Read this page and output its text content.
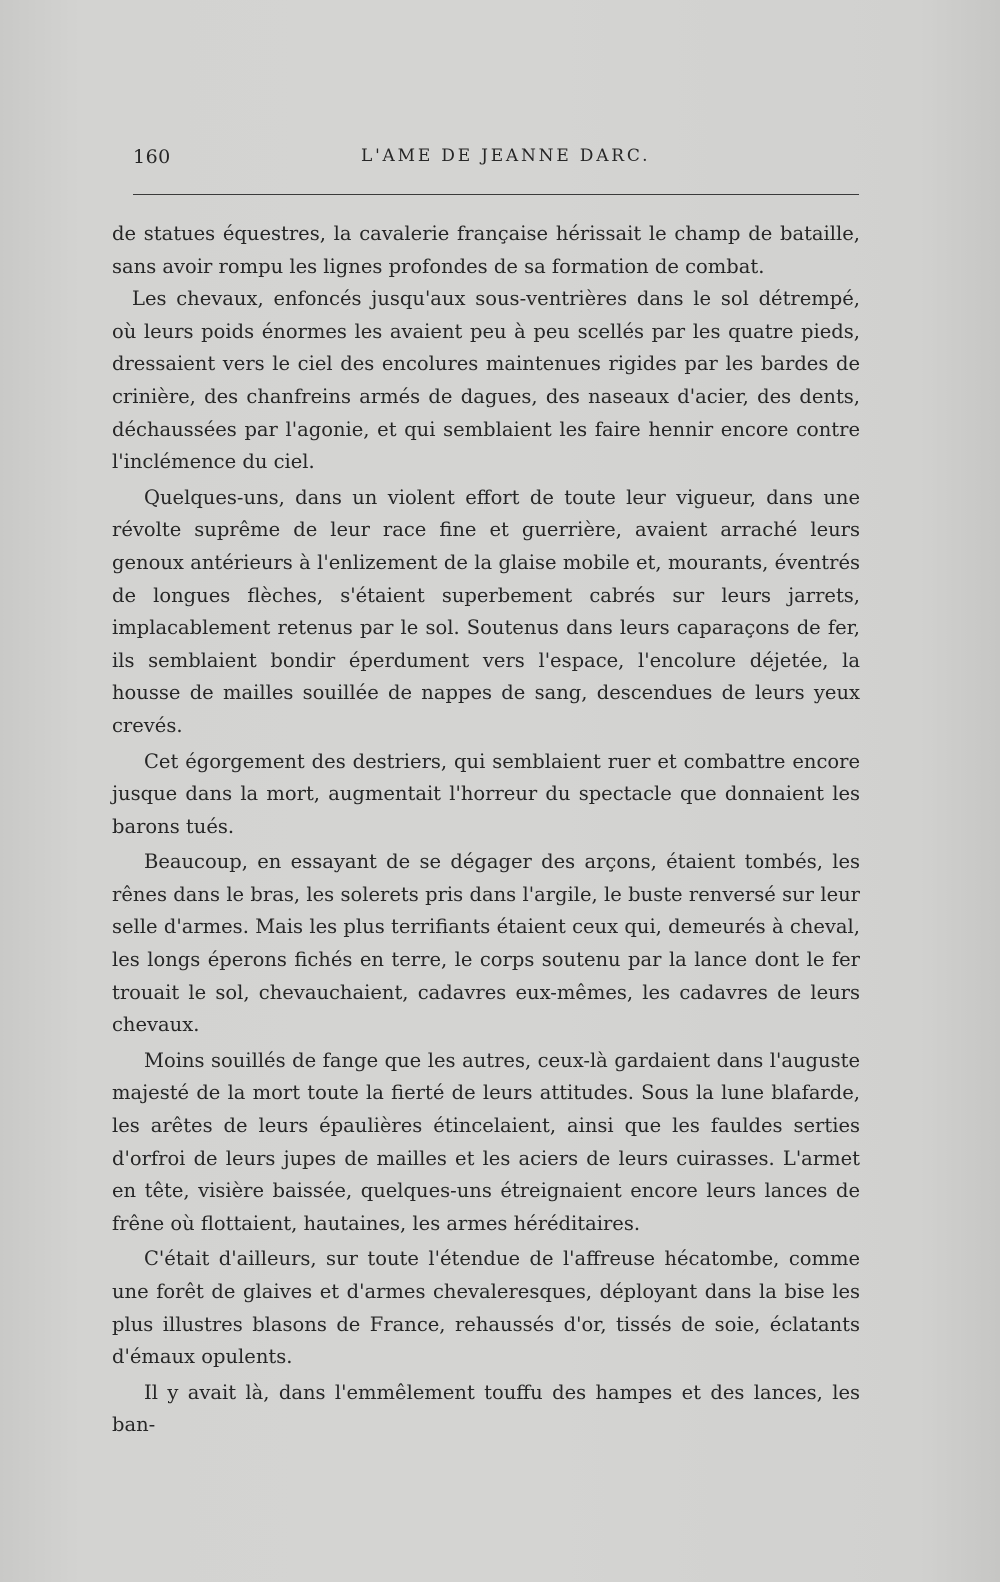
160	L'AME DE JEANNE DARC.

de statues équestres, la cavalerie française hérissait le champ de bataille, sans avoir rompu les lignes profondes de sa formation de combat.

Les chevaux, enfoncés jusqu'aux sous-ventrières dans le sol détrempé, où leurs poids énormes les avaient peu à peu scellés par les quatre pieds, dressaient vers le ciel des encolures maintenues rigides par les bardes de crinière, des chanfreins armés de dagues, des naseaux d'acier, des dents, déchaussées par l'agonie, et qui semblaient les faire hennir encore contre l'inclémence du ciel.

Quelques-uns, dans un violent effort de toute leur vigueur, dans une révolte suprême de leur race fine et guerrière, avaient arraché leurs genoux antérieurs à l'enlizement de la glaise mobile et, mourants, éventrés de longues flèches, s'étaient superbement cabrés sur leurs jarrets, implacablement retenus par le sol. Soutenus dans leurs caparaçons de fer, ils semblaient bondir éperdument vers l'espace, l'encolure déjetée, la housse de mailles souillée de nappes de sang, descendues de leurs yeux crevés.

Cet égorgement des destriers, qui semblaient ruer et combattre encore jusque dans la mort, augmentait l'horreur du spectacle que donnaient les barons tués.

Beaucoup, en essayant de se dégager des arçons, étaient tombés, les rênes dans le bras, les solerets pris dans l'argile, le buste renversé sur leur selle d'armes. Mais les plus terrifiants étaient ceux qui, demeurés à cheval, les longs éperons fichés en terre, le corps soutenu par la lance dont le fer trouait le sol, chevauchaient, cadavres eux-mêmes, les cadavres de leurs chevaux.

Moins souillés de fange que les autres, ceux-là gardaient dans l'auguste majesté de la mort toute la fierté de leurs attitudes. Sous la lune blafarde, les arêtes de leurs épaulières étincelaient, ainsi que les fauldes serties d'orfroi de leurs jupes de mailles et les aciers de leurs cuirasses. L'armet en tête, visière baissée, quelques-uns étreignaient encore leurs lances de frêne où flottaient, hautaines, les armes héréditaires.

C'était d'ailleurs, sur toute l'étendue de l'affreuse hécatombe, comme une forêt de glaives et d'armes chevaleresques, déployant dans la bise les plus illustres blasons de France, rehaussés d'or, tissés de soie, éclatants d'émaux opulents.

Il y avait là, dans l'emmêlement touffu des hampes et des lances, les ban-
